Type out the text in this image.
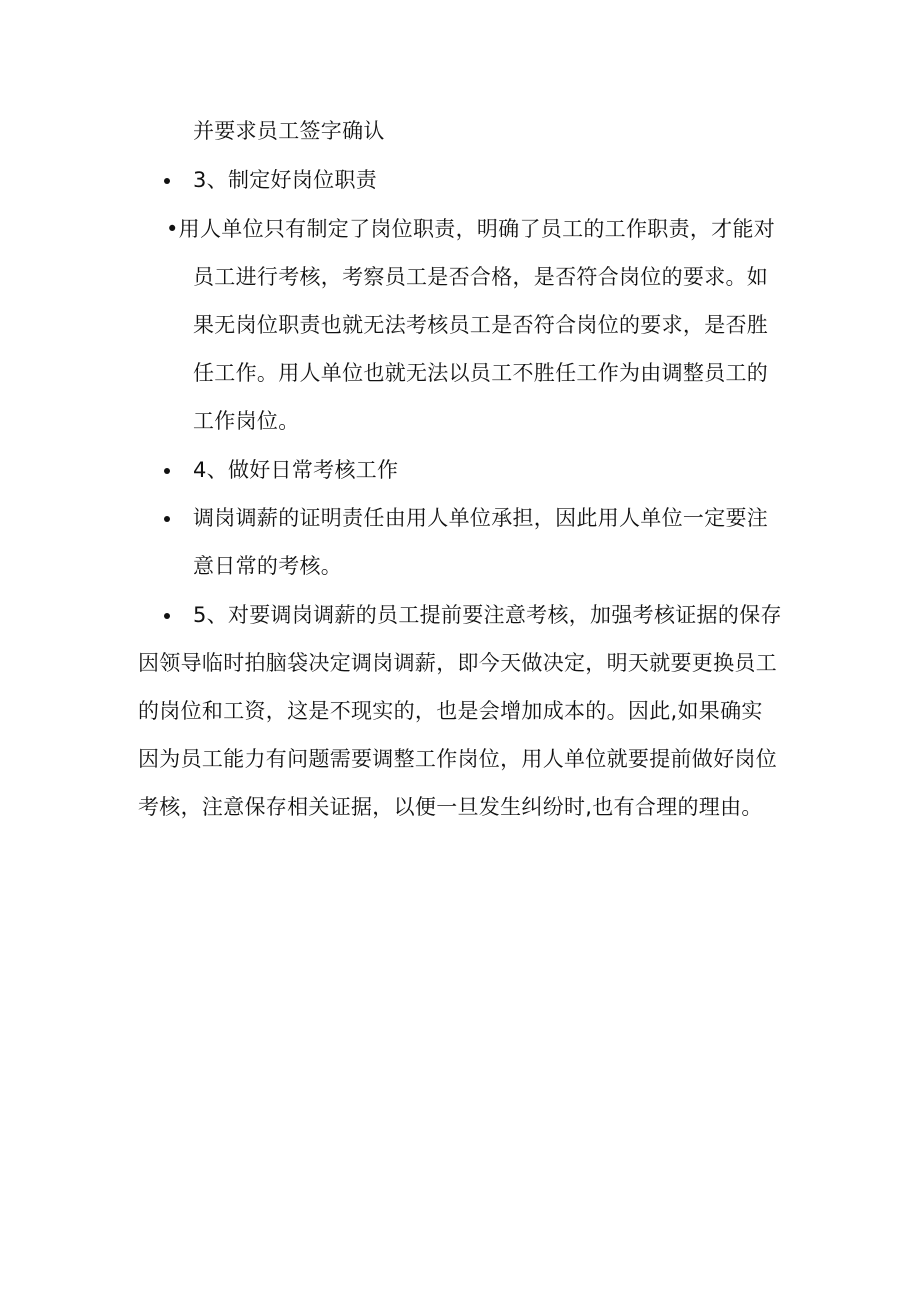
并要求员工签字确认
3、制定好岗位职责
•用人单位只有制定了岗位职责，明确了员工的工作职责，才能对
员工进行考核，考察员工是否合格，是否符合岗位的要求。如
果无岗位职责也就无法考核员工是否符合岗位的要求，是否胜
任工作。用人单位也就无法以员工不胜任工作为由调整员工的
工作岗位。
4、做好日常考核工作
调岗调薪的证明责任由用人单位承担，因此用人单位一定要注
意日常的考核。
5、对要调岗调薪的员工提前要注意考核，加强考核证据的保存
因领导临时拍脑袋决定调岗调薪，即今天做决定，明天就要更换员工
的岗位和工资，这是不现实的，也是会增加成本的。因此,如果确实
因为员工能力有问题需要调整工作岗位，用人单位就要提前做好岗位
考核，注意保存相关证据，以便一旦发生纠纷时,也有合理的理由。
